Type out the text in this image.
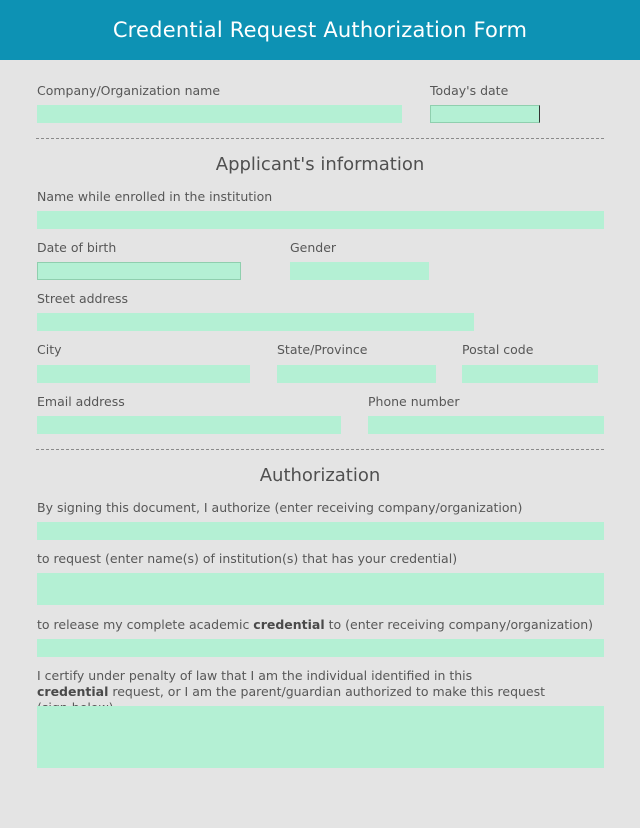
Credential Request Authorization Form
Company/Organization name	Today's date
Applicant's information
Name while enrolled in the institution
Date of birth	Gender
Street address
City	State/Province	Postal code
Email address	Phone number
Authorization
By signing this document, I authorize (enter receiving company/organization)
to request (enter name(s) of institution(s) that has your credential)
to release my complete academic credential to (enter receiving company/organization)
I certify under penalty of law that I am the individual identified in this credential request, or I am the parent/guardian authorized to make this request
